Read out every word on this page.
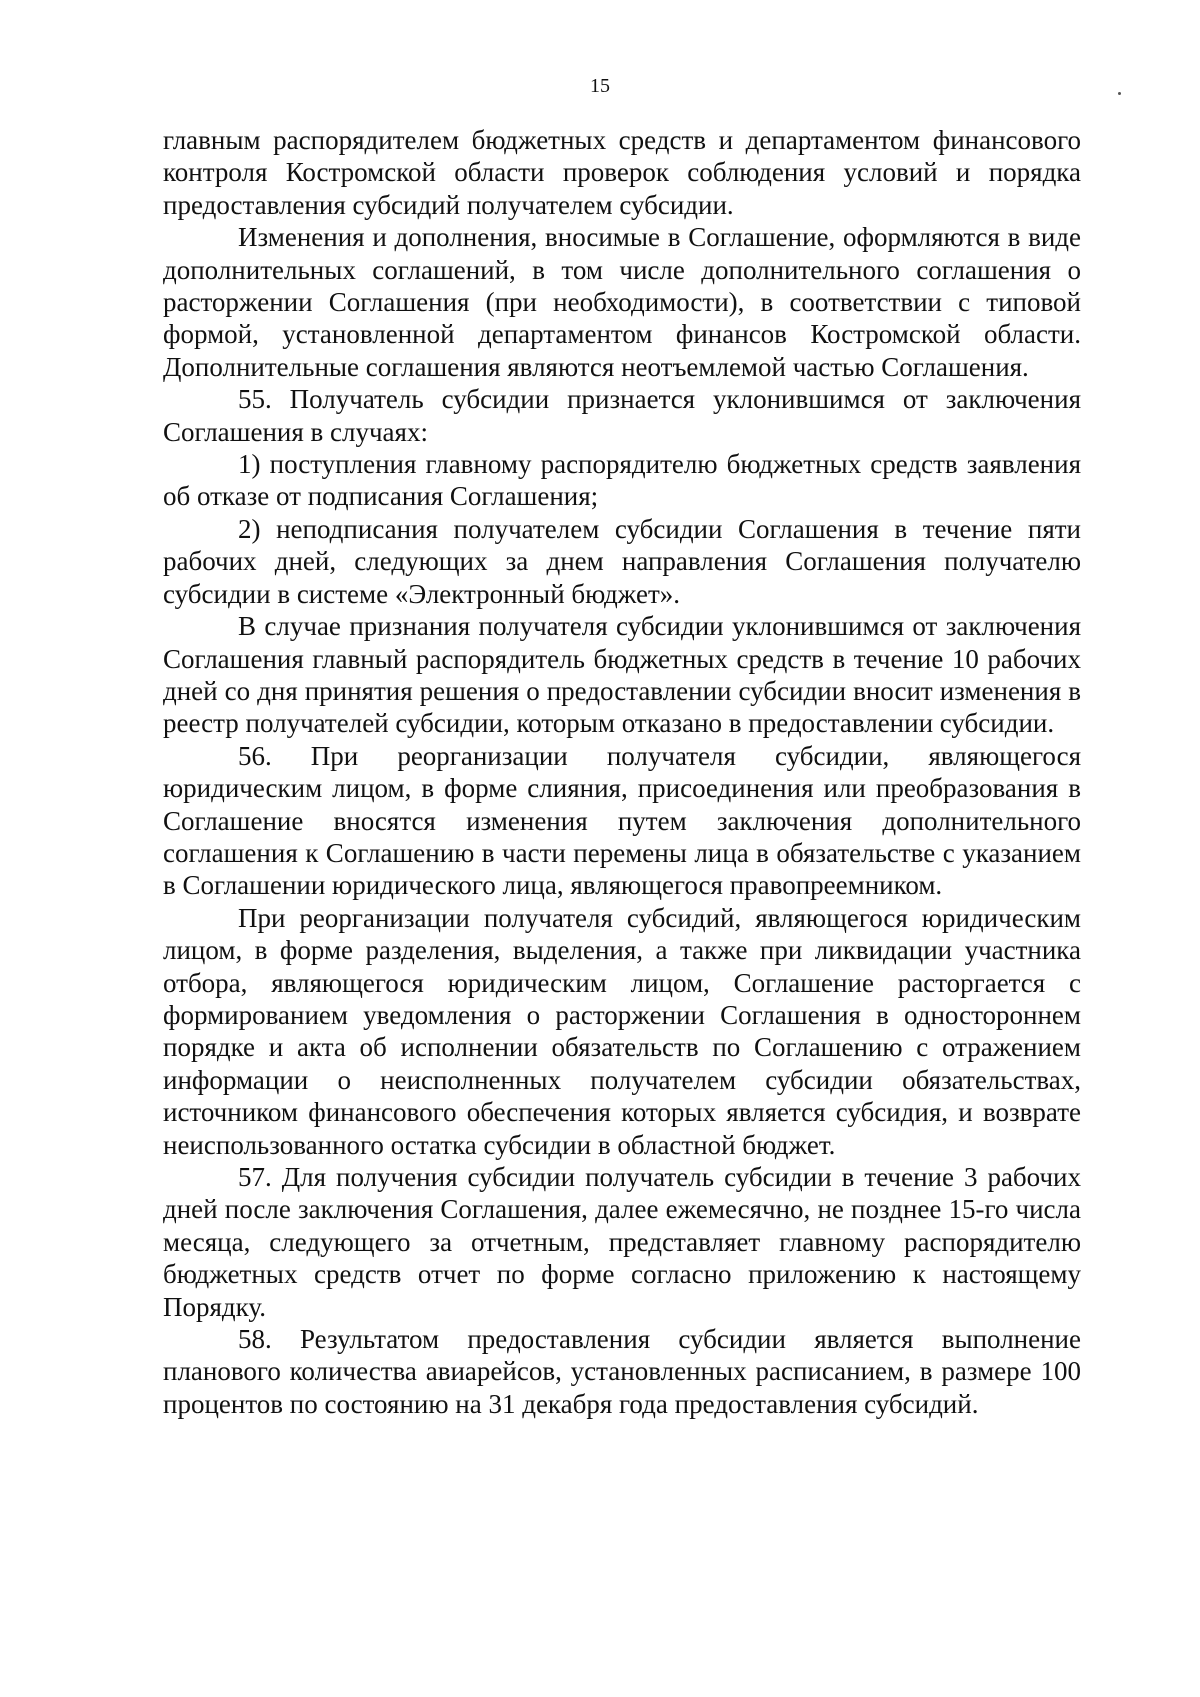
15

главным распорядителем бюджетных средств и департаментом финансового контроля Костромской области проверок соблюдения условий и порядка предоставления субсидий получателем субсидии.

Изменения и дополнения, вносимые в Соглашение, оформляются в виде дополнительных соглашений, в том числе дополнительного соглашения о расторжении Соглашения (при необходимости), в соответствии с типовой формой, установленной департаментом финансов Костромской области. Дополнительные соглашения являются неотъемлемой частью Соглашения.

55. Получатель субсидии признается уклонившимся от заключения Соглашения в случаях:

1) поступления главному распорядителю бюджетных средств заявления об отказе от подписания Соглашения;

2) неподписания получателем субсидии Соглашения в течение пяти рабочих дней, следующих за днем направления Соглашения получателю субсидии в системе «Электронный бюджет».

В случае признания получателя субсидии уклонившимся от заключения Соглашения главный распорядитель бюджетных средств в течение 10 рабочих дней со дня принятия решения о предоставлении субсидии вносит изменения в реестр получателей субсидии, которым отказано в предоставлении субсидии.

56. При реорганизации получателя субсидии, являющегося юридическим лицом, в форме слияния, присоединения или преобразования в Соглашение вносятся изменения путем заключения дополнительного соглашения к Соглашению в части перемены лица в обязательстве с указанием в Соглашении юридического лица, являющегося правопреемником.

При реорганизации получателя субсидий, являющегося юридическим лицом, в форме разделения, выделения, а также при ликвидации участника отбора, являющегося юридическим лицом, Соглашение расторгается с формированием уведомления о расторжении Соглашения в одностороннем порядке и акта об исполнении обязательств по Соглашению с отражением информации о неисполненных получателем субсидии обязательствах, источником финансового обеспечения которых является субсидия, и возврате неиспользованного остатка субсидии в областной бюджет.

57. Для получения субсидии получатель субсидии в течение 3 рабочих дней после заключения Соглашения, далее ежемесячно, не позднее 15-го числа месяца, следующего за отчетным, представляет главному распорядителю бюджетных средств отчет по форме согласно приложению к настоящему Порядку.

58. Результатом предоставления субсидии является выполнение планового количества авиарейсов, установленных расписанием, в размере 100 процентов по состоянию на 31 декабря года предоставления субсидий.
